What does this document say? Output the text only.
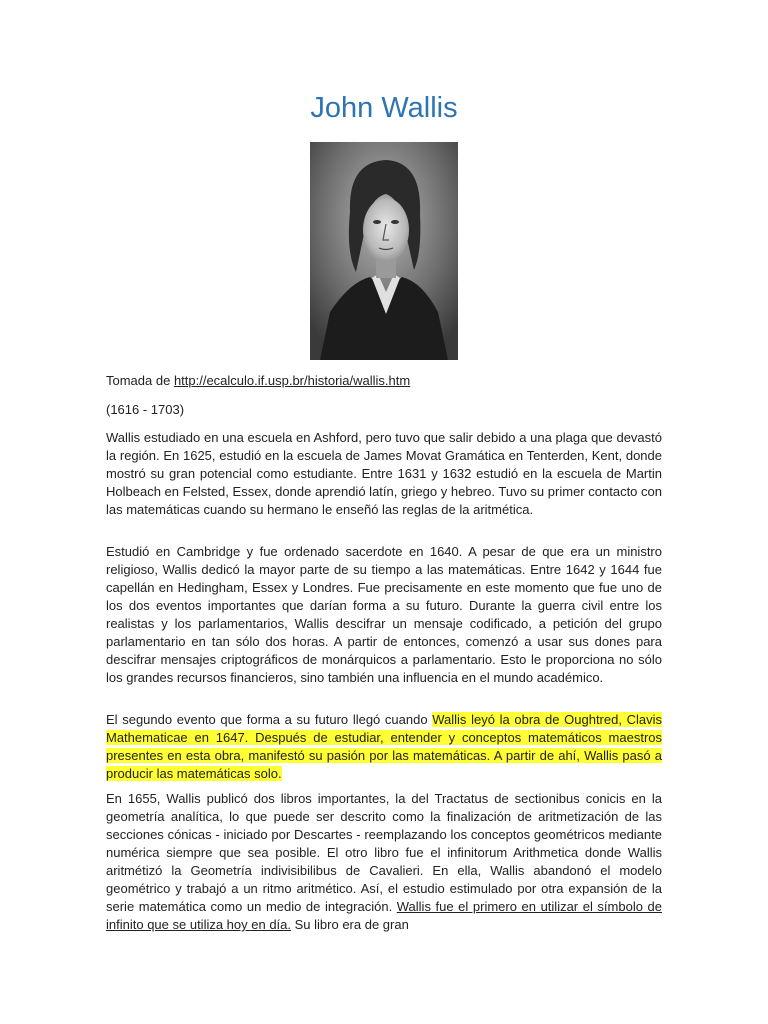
John Wallis

Tomada de http://ecalculo.if.usp.br/historia/wallis.htm

(1616 - 1703)

Wallis estudiado en una escuela en Ashford, pero tuvo que salir debido a una plaga que devastó la región. En 1625, estudió en la escuela de James Movat Gramática en Tenterden, Kent, donde mostró su gran potencial como estudiante. Entre 1631 y 1632 estudió en la escuela de Martin Holbeach en Felsted, Essex, donde aprendió latín, griego y hebreo. Tuvo su primer contacto con las matemáticas cuando su hermano le enseñó las reglas de la aritmética.

Estudió en Cambridge y fue ordenado sacerdote en 1640. A pesar de que era un ministro religioso, Wallis dedicó la mayor parte de su tiempo a las matemáticas. Entre 1642 y 1644 fue capellán en Hedingham, Essex y Londres. Fue precisamente en este momento que fue uno de los dos eventos importantes que darían forma a su futuro. Durante la guerra civil entre los realistas y los parlamentarios, Wallis descifrar un mensaje codificado, a petición del grupo parlamentario en tan sólo dos horas. A partir de entonces, comenzó a usar sus dones para descifrar mensajes criptográficos de monárquicos a parlamentario. Esto le proporciona no sólo los grandes recursos financieros, sino también una influencia en el mundo académico.

El segundo evento que forma a su futuro llegó cuando Wallis leyó la obra de Oughtred, Clavis Mathematicae en 1647. Después de estudiar, entender y conceptos matemáticos maestros presentes en esta obra, manifestó su pasión por las matemáticas. A partir de ahí, Wallis pasó a producir las matemáticas solo.

En 1655, Wallis publicó dos libros importantes, la del Tractatus de sectionibus conicis en la geometría analítica, lo que puede ser descrito como la finalización de aritmetización de las secciones cónicas - iniciado por Descartes - reemplazando los conceptos geométricos mediante numérica siempre que sea posible. El otro libro fue el infinitorum Arithmetica donde Wallis aritmétizó la Geometría indivisibilibus de Cavalieri. En ella, Wallis abandonó el modelo geométrico y trabajó a un ritmo aritmético. Así, el estudio estimulado por otra expansión de la serie matemática como un medio de integración. Wallis fue el primero en utilizar el símbolo de infinito que se utiliza hoy en día. Su libro era de gran
